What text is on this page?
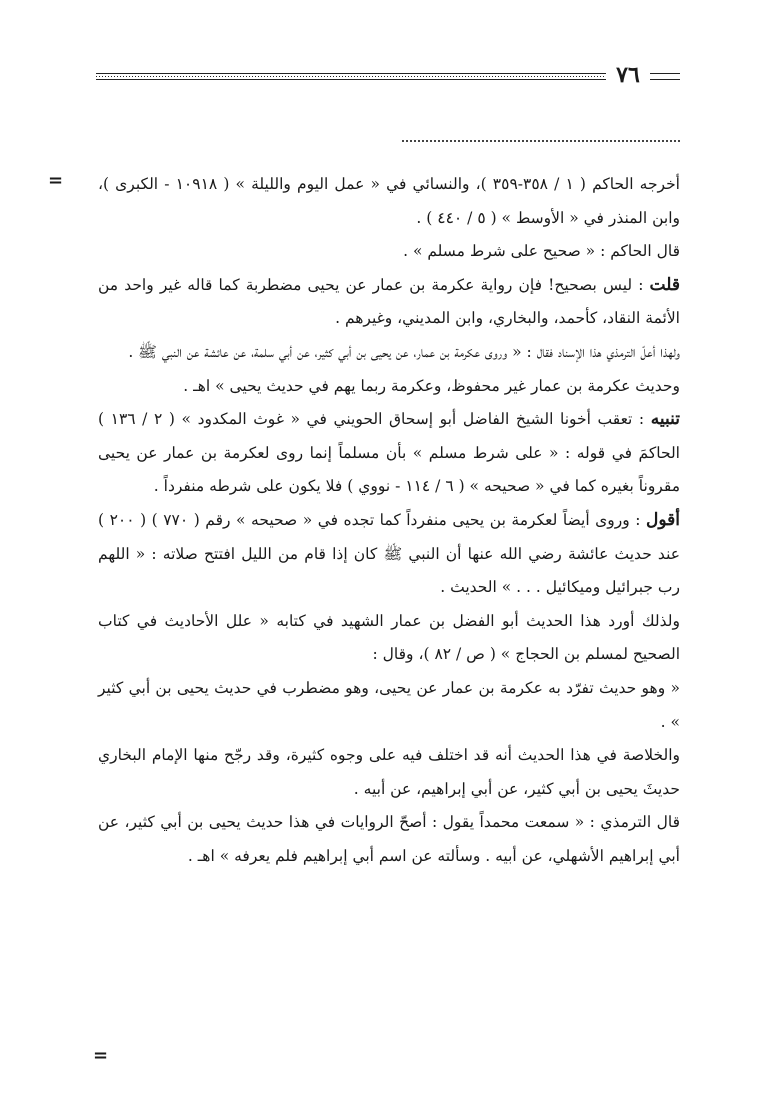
٧٦
= أخرجه الحاكم ( ١ / ٣٥٨-٣٥٩ )، والنسائي في « عمل اليوم والليلة » ( ١٠٩١٨ - الكبرى )، وابن المنذر في « الأوسط » ( ٥ / ٤٤٠ ) .

قال الحاكم : « صحيح على شرط مسلم » .

قلت : ليس بصحيح! فإن رواية عكرمة بن عمار عن يحيى مضطربة كما قاله غير واحد من الأئمة النقاد، كأحمد، والبخاري، وابن المديني، وغيرهم .

ولهذا أعلّ الترمذي هذا الإسناد فقال : « وروى عكرمة بن عمار، عن يحيى بن أبي كثير، عن أبي سلمة، عن عائشة عن النبي ﷺ .

وحديث عكرمة بن عمار غير محفوظ، وعكرمة ربما يهم في حديث يحيى » اهـ .

تنبيه : تعقب أخونا الشيخ الفاضل أبو إسحاق الحويني في « غوث المكدود » ( ٢ / ١٣٦ ) الحاكمَ في قوله : « على شرط مسلم » بأن مسلماً إنما روى لعكرمة بن عمار عن يحيى مقروناً بغيره كما في « صحيحه » ( ٦ / ١١٤ - نووي ) فلا يكون على شرطه منفرداً .

أقول : وروى أيضاً لعكرمة بن يحيى منفرداً كما تجده في « صحيحه » رقم ( ٧٧٠ ) ( ٢٠٠ ) عند حديث عائشة رضي الله عنها أن النبي ﷺ كان إذا قام من الليل افتتح صلاته : « اللهم رب جبرائيل وميكائيل . . . » الحديث .

ولذلك أورد هذا الحديث أبو الفضل بن عمار الشهيد في كتابه « علل الأحاديث في كتاب الصحيح لمسلم بن الحجاج » ( ص / ٨٢ )، وقال :

« وهو حديث تفرّد به عكرمة بن عمار عن يحيى، وهو مضطرب في حديث يحيى بن أبي كثير » .

والخلاصة في هذا الحديث أنه قد اختلف فيه على وجوه كثيرة، وقد رجّح منها الإمام البخاري حديثَ يحيى بن أبي كثير، عن أبي إبراهيم، عن أبيه .

قال الترمذي : « سمعت محمداً يقول : أصحّ الروايات في هذا حديث يحيى بن أبي كثير، عن أبي إبراهيم الأشهلي، عن أبيه . وسألته عن اسم أبي إبراهيم فلم يعرفه » اهـ .

=
